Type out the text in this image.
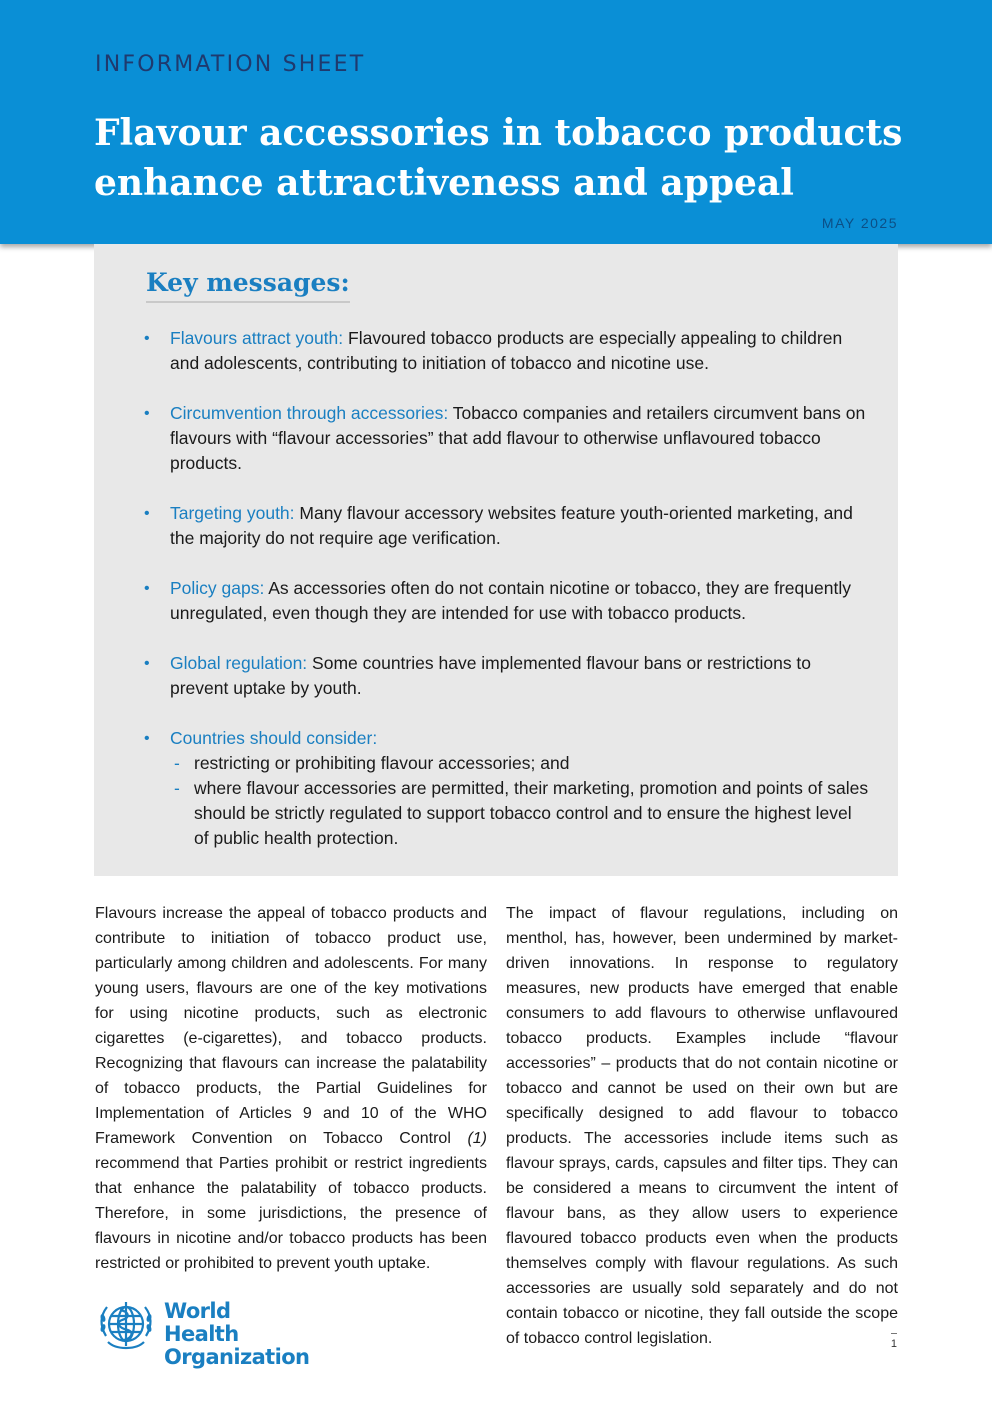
INFORMATION SHEET
Flavour accessories in tobacco products
enhance attractiveness and appeal
MAY 2025
Key messages:
• Flavours attract youth: Flavoured tobacco products are especially appealing to children and adolescents, contributing to initiation of tobacco and nicotine use.
• Circumvention through accessories: Tobacco companies and retailers circumvent bans on flavours with “flavour accessories” that add flavour to otherwise unflavoured tobacco products.
• Targeting youth: Many flavour accessory websites feature youth-oriented marketing, and the majority do not require age verification.
• Policy gaps: As accessories often do not contain nicotine or tobacco, they are frequently unregulated, even though they are intended for use with tobacco products.
• Global regulation: Some countries have implemented flavour bans or restrictions to prevent uptake by youth.
• Countries should consider:
- restricting or prohibiting flavour accessories; and
- where flavour accessories are permitted, their marketing, promotion and points of sales should be strictly regulated to support tobacco control and to ensure the highest level of public health protection.
Flavours increase the appeal of tobacco products and contribute to initiation of tobacco product use, particularly among children and adolescents. For many young users, flavours are one of the key motivations for using nicotine products, such as electronic cigarettes (e-cigarettes), and tobacco products. Recognizing that flavours can increase the palatability of tobacco products, the Partial Guidelines for Implementation of Articles 9 and 10 of the WHO Framework Convention on Tobacco Control (1) recommend that Parties prohibit or restrict ingredients that enhance the palatability of tobacco products. Therefore, in some jurisdictions, the presence of flavours in nicotine and/or tobacco products has been restricted or prohibited to prevent youth uptake.
The impact of flavour regulations, including on menthol, has, however, been undermined by market-driven innovations. In response to regulatory measures, new products have emerged that enable consumers to add flavours to otherwise unflavoured tobacco products. Examples include “flavour accessories” – products that do not contain nicotine or tobacco and cannot be used on their own but are specifically designed to add flavour to tobacco products. The accessories include items such as flavour sprays, cards, capsules and filter tips. They can be considered a means to circumvent the intent of flavour bans, as they allow users to experience flavoured tobacco products even when the products themselves comply with flavour regulations. As such accessories are usually sold separately and do not contain tobacco or nicotine, they fall outside the scope of tobacco control legislation.
World Health
Organization
1
